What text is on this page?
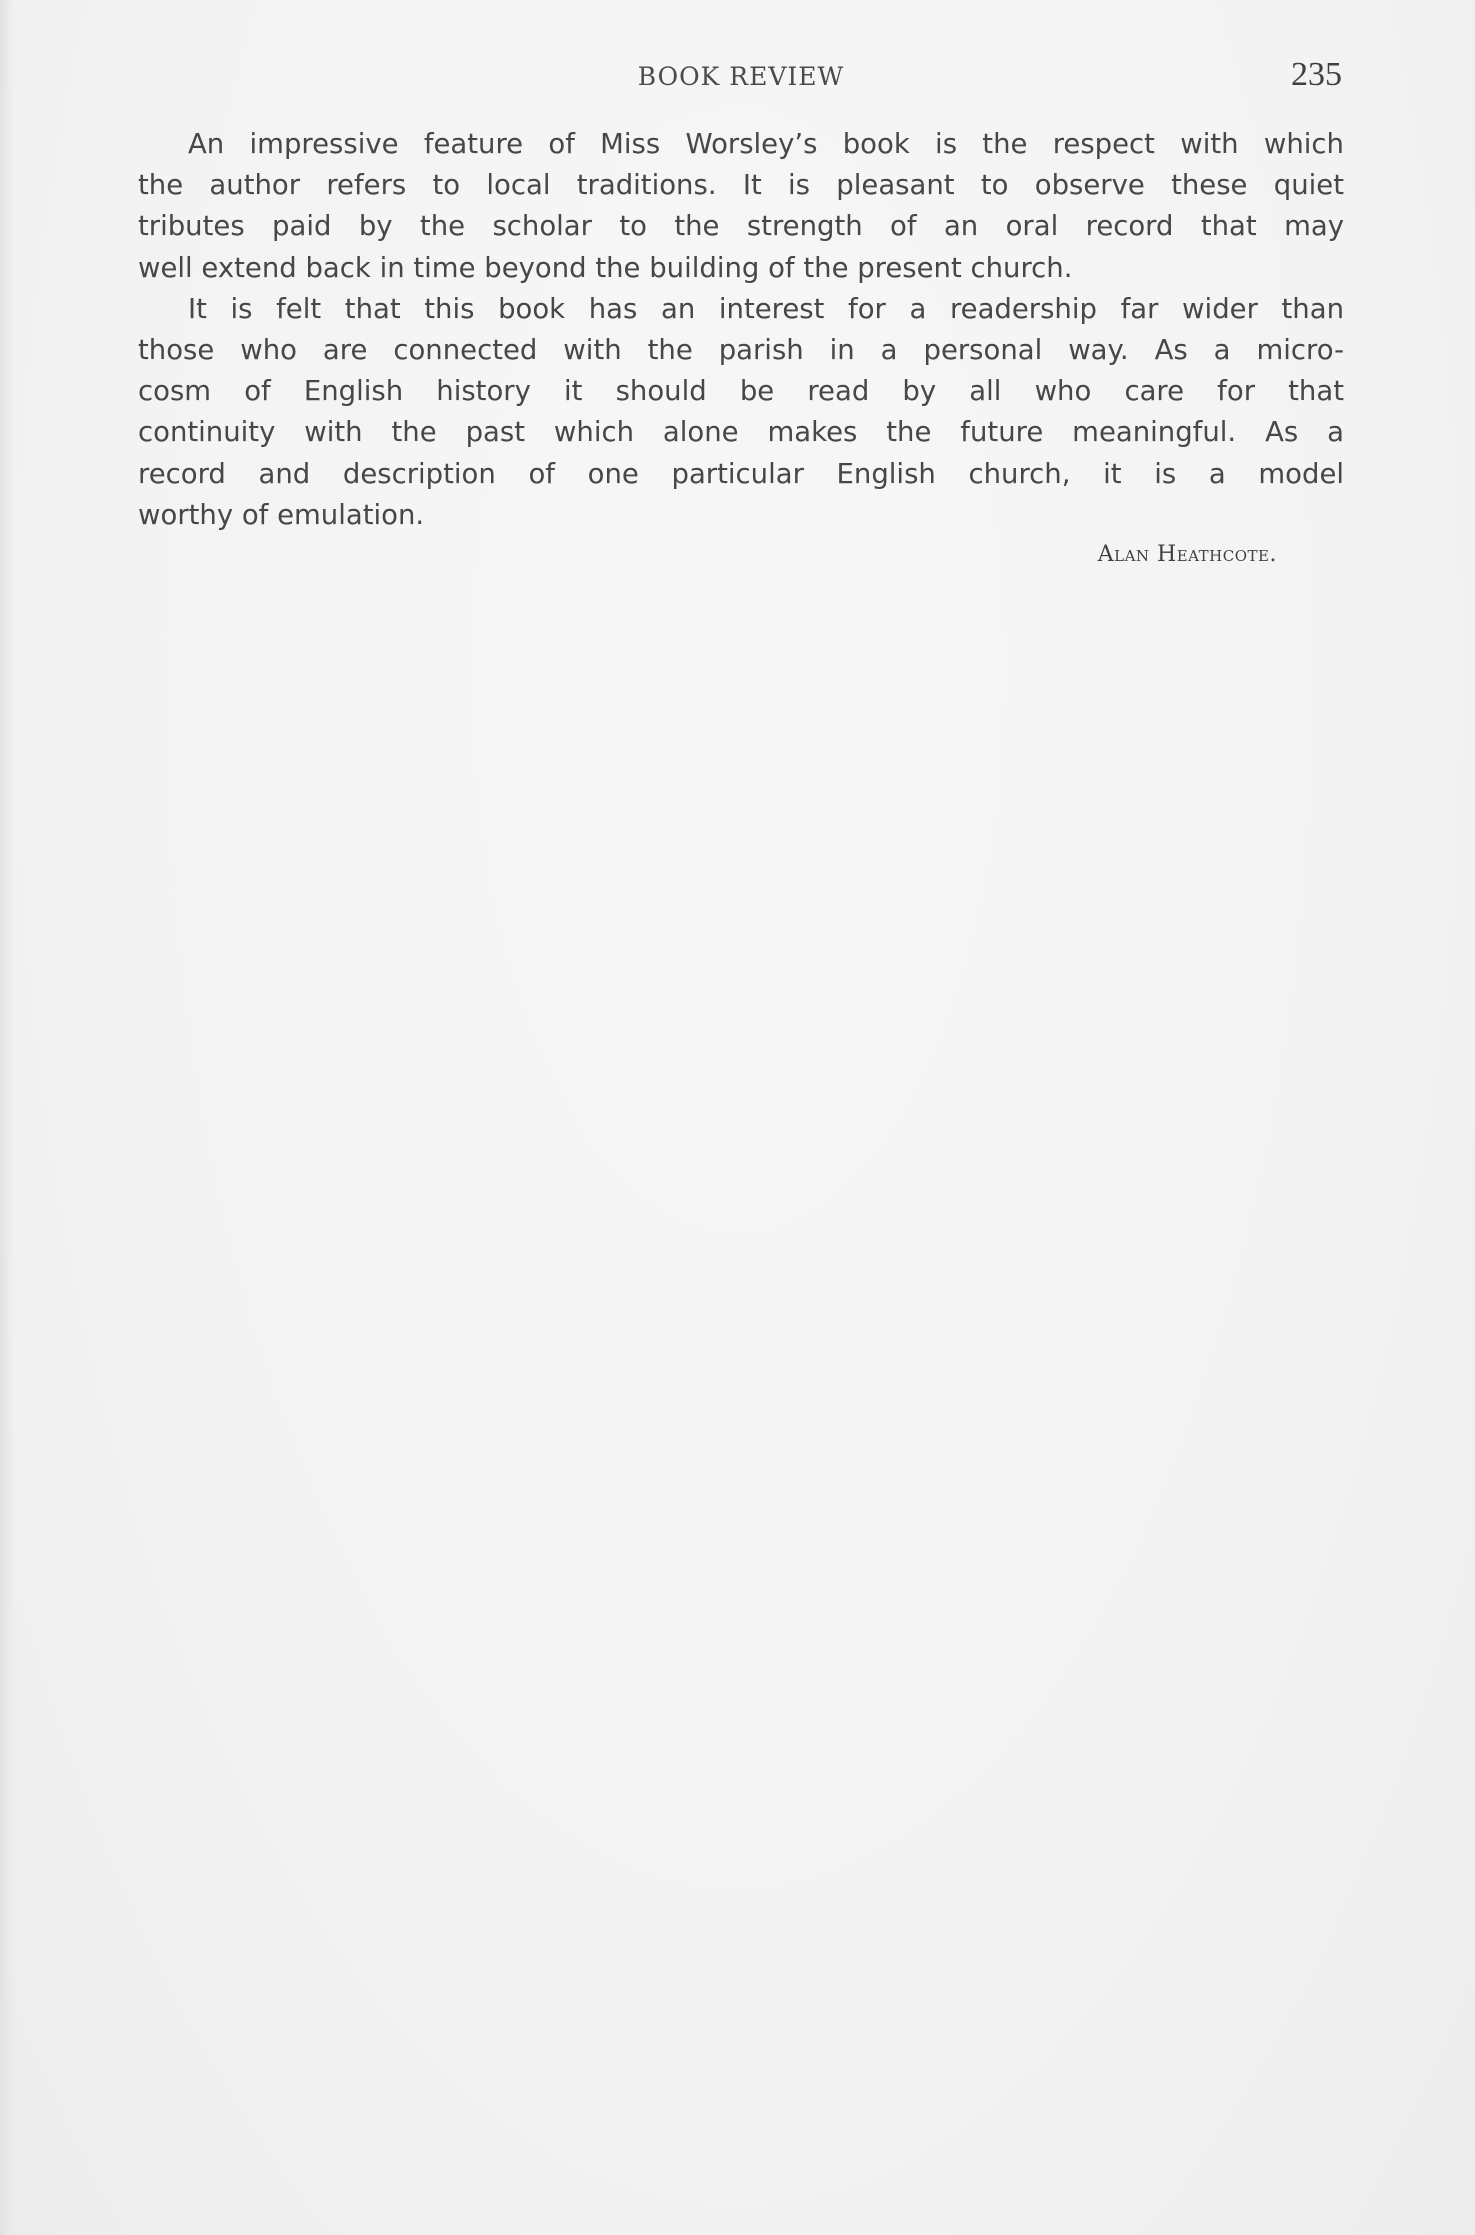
BOOK REVIEW	235
An impressive feature of Miss Worsley’s book is the respect with which
the author refers to local traditions. It is pleasant to observe these quiet
tributes paid by the scholar to the strength of an oral record that may
well extend back in time beyond the building of the present church.
It is felt that this book has an interest for a readership far wider than
those who are connected with the parish in a personal way. As a micro-
cosm of English history it should be read by all who care for that
continuity with the past which alone makes the future meaningful. As a
record and description of one particular English church, it is a model
worthy of emulation.
Alan Heathcote.
